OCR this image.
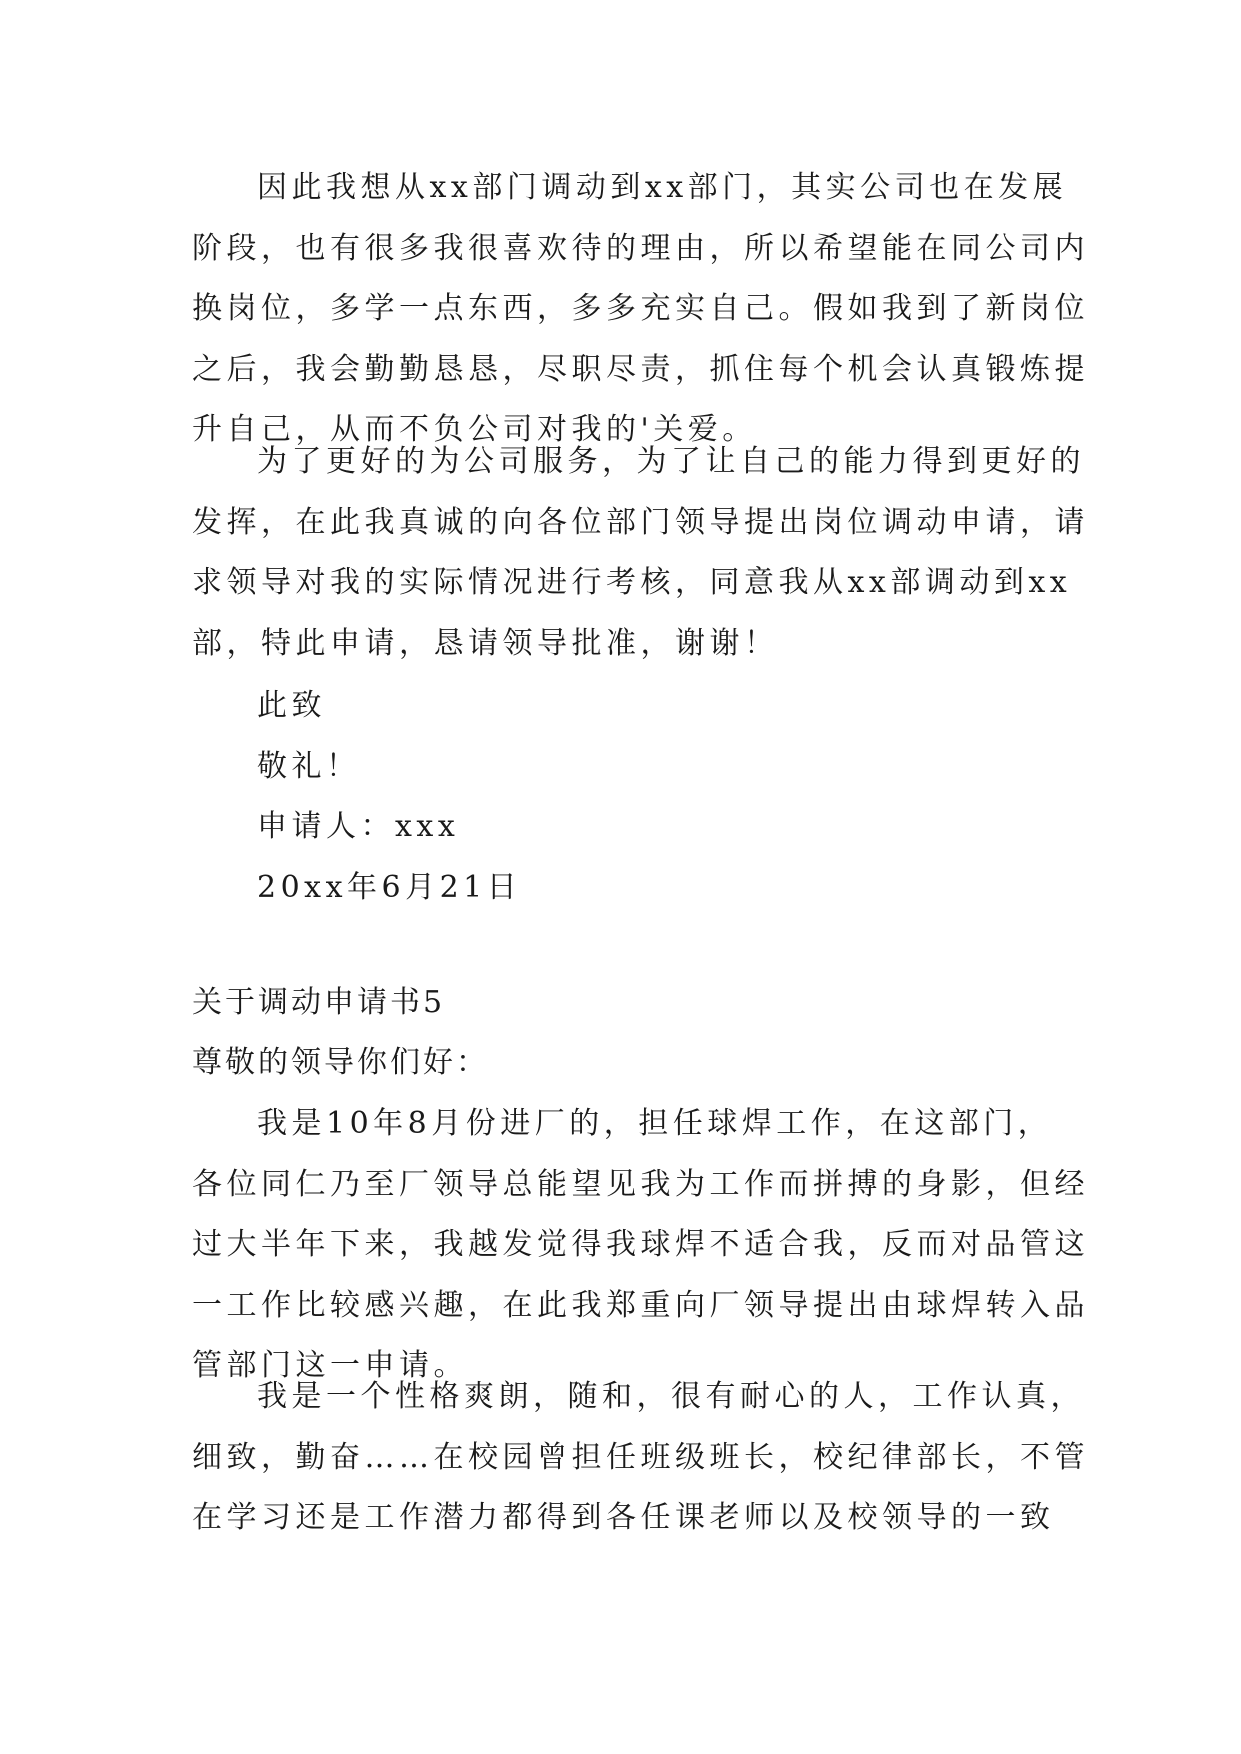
因此我想从xx部门调动到xx部门，其实公司也在发展
阶段，也有很多我很喜欢待的理由，所以希望能在同公司内
换岗位，多学一点东西，多多充实自己。假如我到了新岗位
之后，我会勤勤恳恳，尽职尽责，抓住每个机会认真锻炼提
升自己，从而不负公司对我的'关爱。
为了更好的为公司服务，为了让自己的能力得到更好的
发挥，在此我真诚的向各位部门领导提出岗位调动申请，请
求领导对我的实际情况进行考核，同意我从xx部调动到xx
部，特此申请，恳请领导批准，谢谢！
此致
敬礼！
申请人：xxx
20xx年6月21日
关于调动申请书5
尊敬的领导你们好：
我是10年8月份进厂的，担任球焊工作，在这部门，
各位同仁乃至厂领导总能望见我为工作而拼搏的身影，但经
过大半年下来，我越发觉得我球焊不适合我，反而对品管这
一工作比较感兴趣，在此我郑重向厂领导提出由球焊转入品
管部门这一申请。
我是一个性格爽朗，随和，很有耐心的人，工作认真，
细致，勤奋……在校园曾担任班级班长，校纪律部长，不管
在学习还是工作潜力都得到各任课老师以及校领导的一致
